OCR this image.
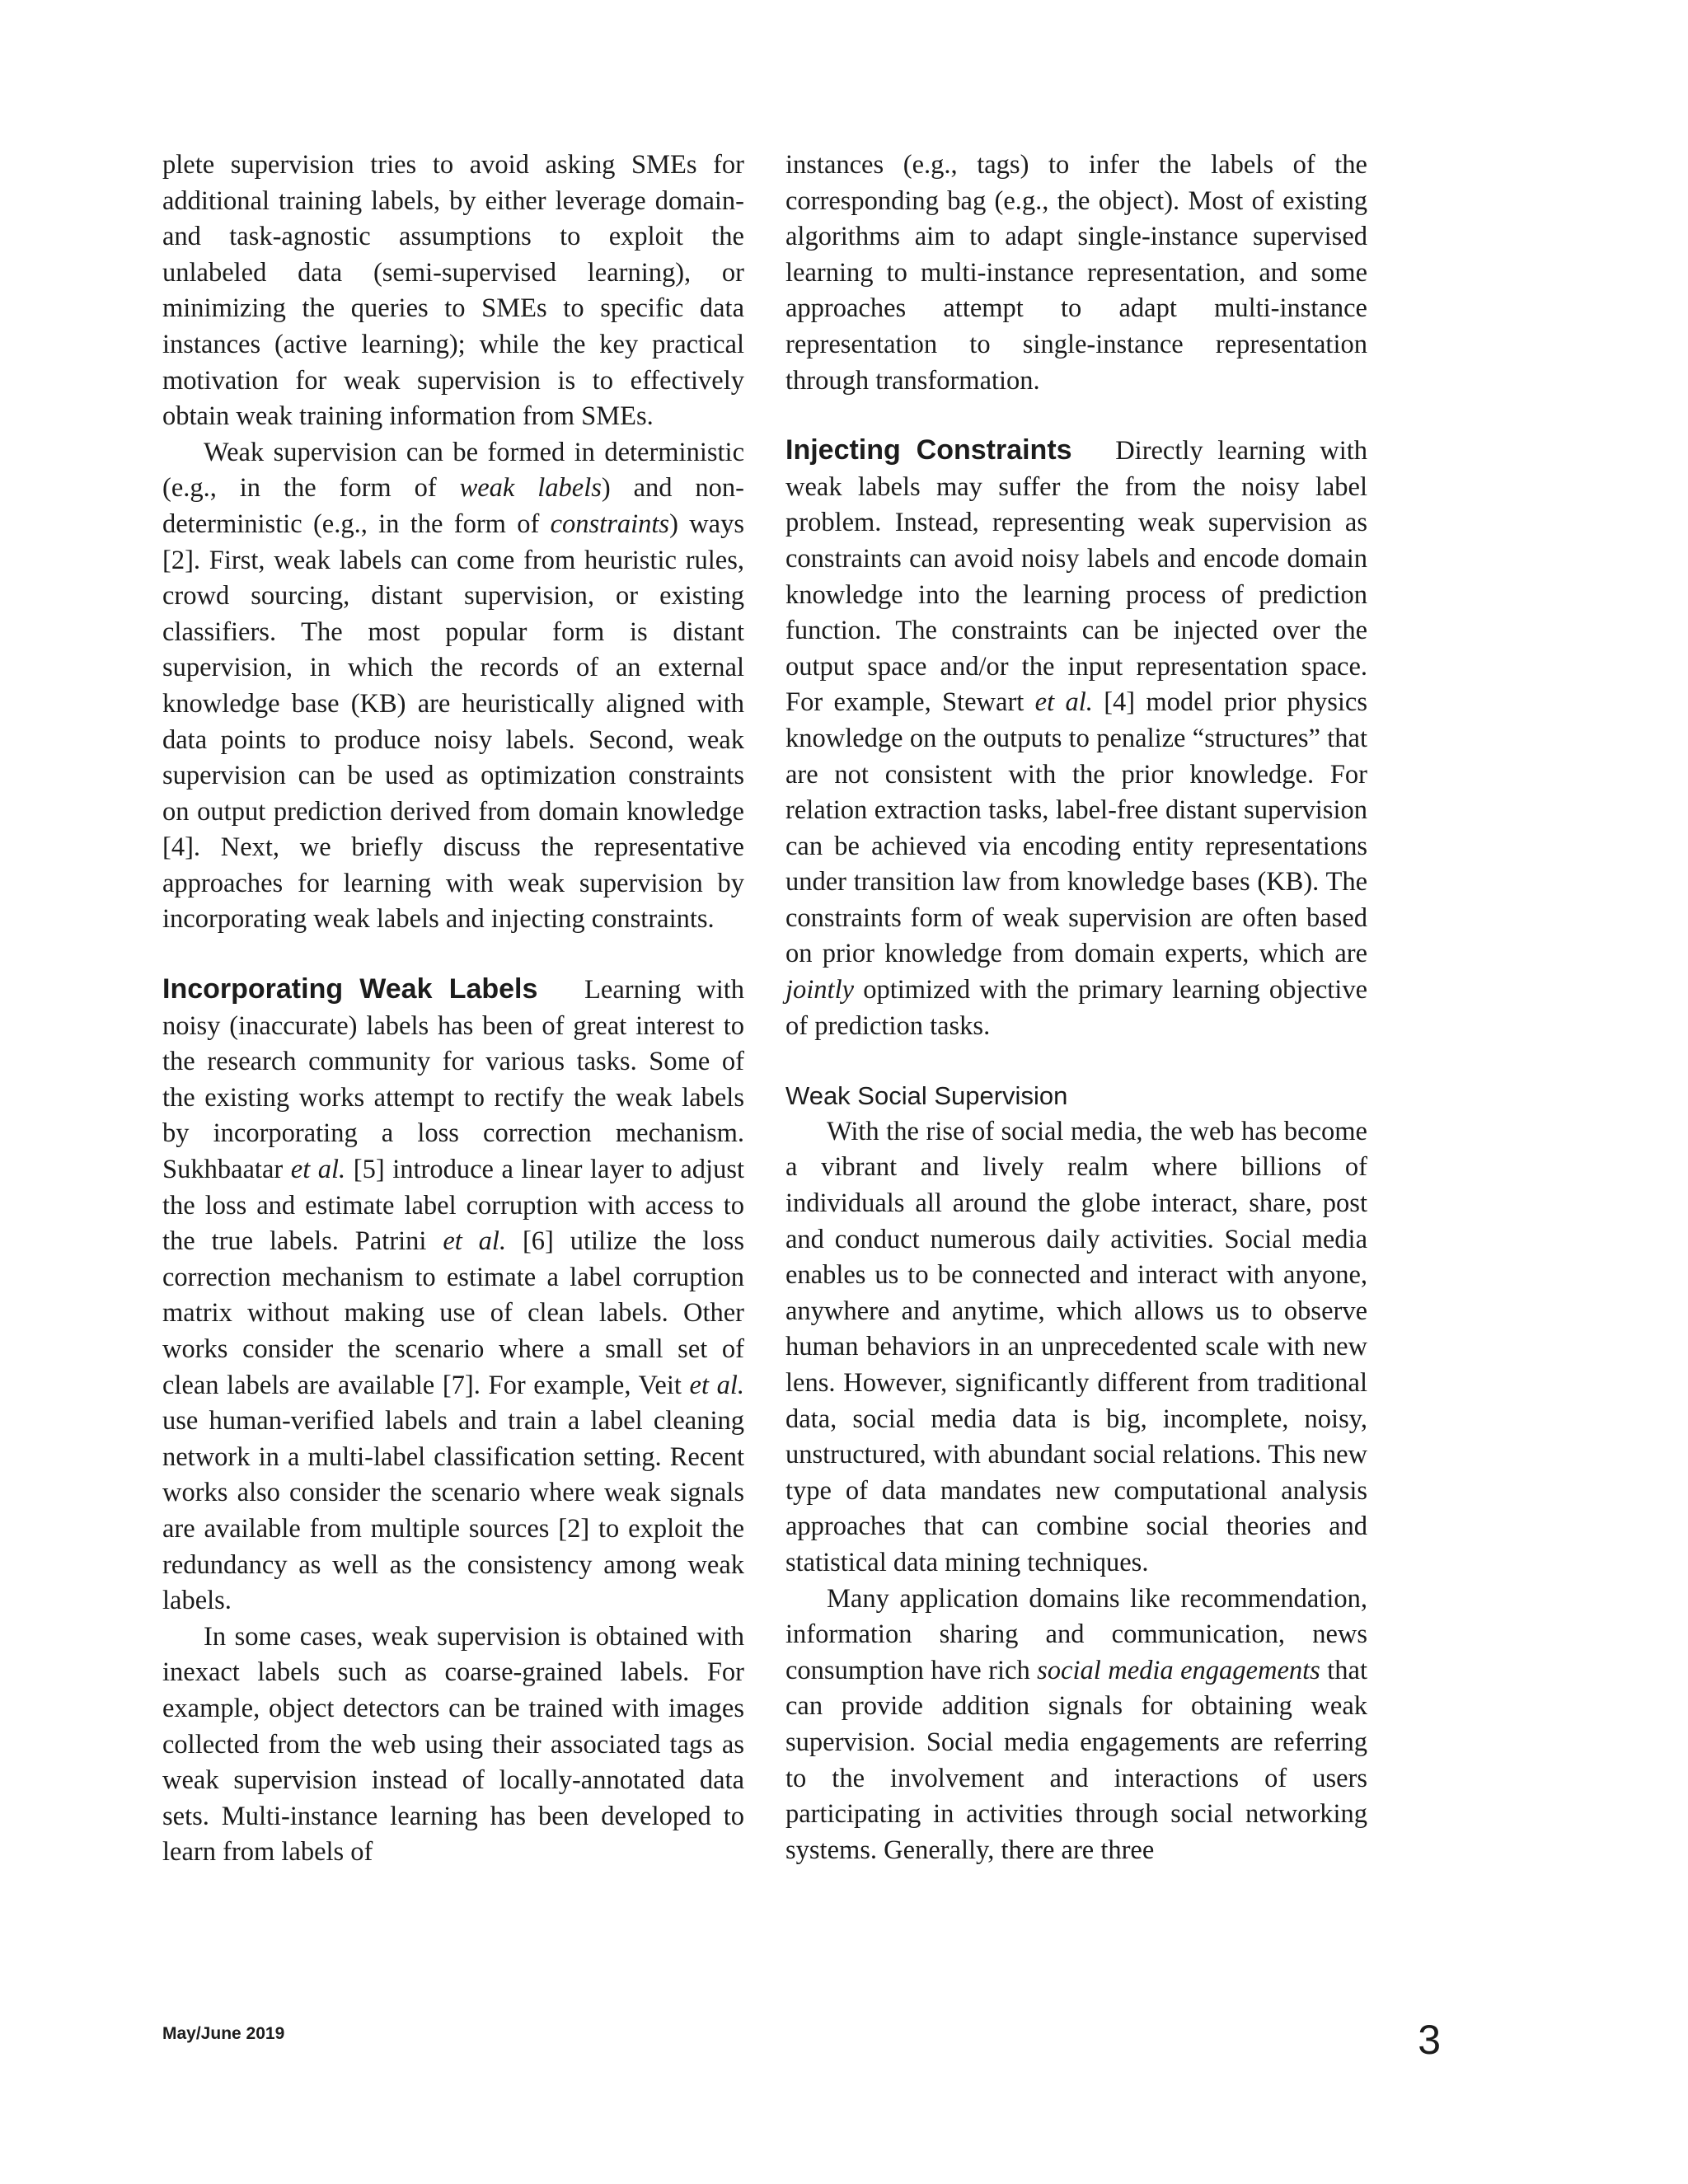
plete supervision tries to avoid asking SMEs for additional training labels, by either leverage domain- and task-agnostic assumptions to exploit the unlabeled data (semi-supervised learning), or minimizing the queries to SMEs to specific data instances (active learning); while the key practical motivation for weak supervision is to effectively obtain weak training information from SMEs.

Weak supervision can be formed in deterministic (e.g., in the form of weak labels) and non-deterministic (e.g., in the form of constraints) ways [2]. First, weak labels can come from heuristic rules, crowd sourcing, distant supervision, or existing classifiers. The most popular form is distant supervision, in which the records of an external knowledge base (KB) are heuristically aligned with data points to produce noisy labels. Second, weak supervision can be used as optimization constraints on output prediction derived from domain knowledge [4]. Next, we briefly discuss the representative approaches for learning with weak supervision by incorporating weak labels and injecting constraints.

Incorporating Weak Labels Learning with noisy (inaccurate) labels has been of great interest to the research community for various tasks. Some of the existing works attempt to rectify the weak labels by incorporating a loss correction mechanism. Sukhbaatar et al. [5] introduce a linear layer to adjust the loss and estimate label corruption with access to the true labels. Patrini et al. [6] utilize the loss correction mechanism to estimate a label corruption matrix without making use of clean labels. Other works consider the scenario where a small set of clean labels are available [7]. For example, Veit et al. use human-verified labels and train a label cleaning network in a multi-label classification setting. Recent works also consider the scenario where weak signals are available from multiple sources [2] to exploit the redundancy as well as the consistency among weak labels.

In some cases, weak supervision is obtained with inexact labels such as coarse-grained labels. For example, object detectors can be trained with images collected from the web using their associated tags as weak supervision instead of locally-annotated data sets. Multi-instance learning has been developed to learn from labels of

instances (e.g., tags) to infer the labels of the corresponding bag (e.g., the object). Most of existing algorithms aim to adapt single-instance supervised learning to multi-instance representation, and some approaches attempt to adapt multi-instance representation to single-instance representation through transformation.

Injecting Constraints Directly learning with weak labels may suffer the from the noisy label problem. Instead, representing weak supervision as constraints can avoid noisy labels and encode domain knowledge into the learning process of prediction function. The constraints can be injected over the output space and/or the input representation space. For example, Stewart et al. [4] model prior physics knowledge on the outputs to penalize “structures” that are not consistent with the prior knowledge. For relation extraction tasks, label-free distant supervision can be achieved via encoding entity representations under transition law from knowledge bases (KB). The constraints form of weak supervision are often based on prior knowledge from domain experts, which are jointly optimized with the primary learning objective of prediction tasks.

Weak Social Supervision

With the rise of social media, the web has become a vibrant and lively realm where billions of individuals all around the globe interact, share, post and conduct numerous daily activities. Social media enables us to be connected and interact with anyone, anywhere and anytime, which allows us to observe human behaviors in an unprecedented scale with new lens. However, significantly different from traditional data, social media data is big, incomplete, noisy, unstructured, with abundant social relations. This new type of data mandates new computational analysis approaches that can combine social theories and statistical data mining techniques.

Many application domains like recommendation, information sharing and communication, news consumption have rich social media engagements that can provide addition signals for obtaining weak supervision. Social media engagements are referring to the involvement and interactions of users participating in activities through social networking systems. Generally, there are three

May/June 2019	3
